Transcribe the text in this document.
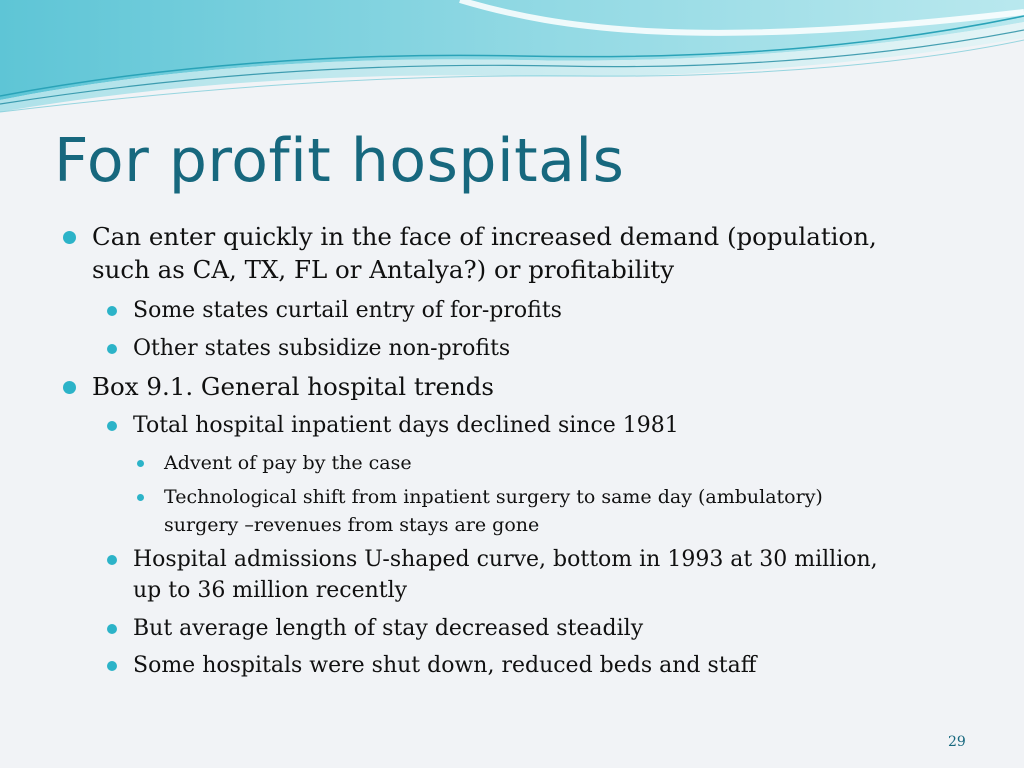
For profit hospitals
Can enter quickly in the face of increased demand (population,
such as CA, TX, FL or Antalya?) or profitability
Some states curtail entry of for-profits
Other states subsidize non-profits
Box 9.1. General hospital trends
Total hospital inpatient days declined since 1981
Advent of pay by the case
Technological shift from inpatient surgery to same day (ambulatory)
surgery –revenues from stays are gone
Hospital admissions U-shaped curve, bottom in 1993 at 30 million,
up to 36 million recently
But average length of stay decreased steadily
Some hospitals were shut down, reduced beds and staff
29
